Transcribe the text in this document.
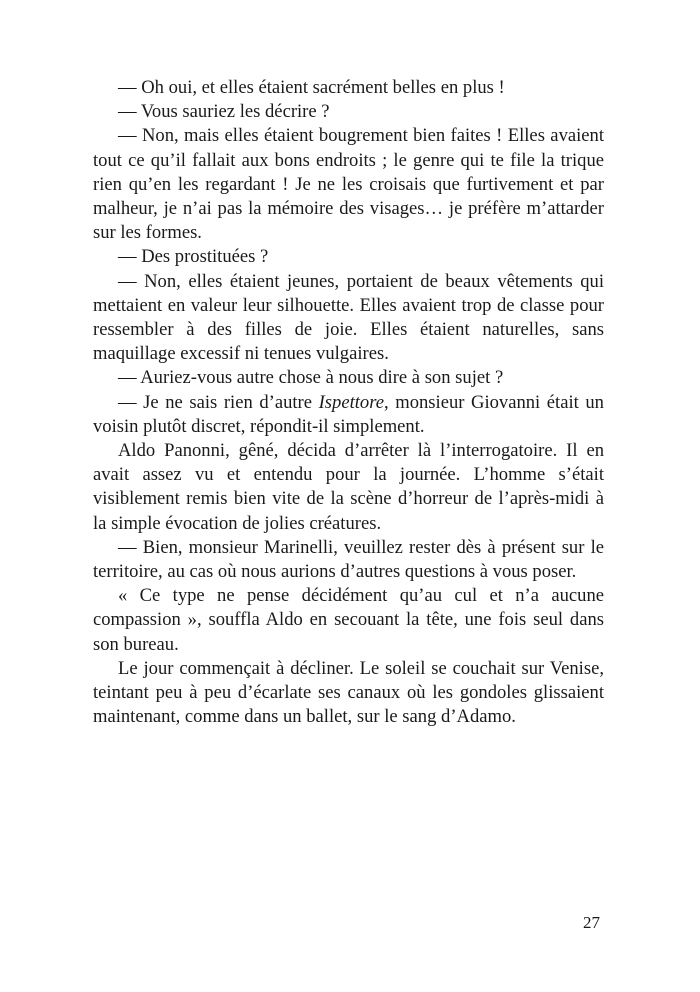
— Oh oui, et elles étaient sacrément belles en plus !

— Vous sauriez les décrire ?

— Non, mais elles étaient bougrement bien faites ! Elles avaient tout ce qu’il fallait aux bons endroits ; le genre qui te file la trique rien qu’en les regardant ! Je ne les croisais que furtivement et par malheur, je n’ai pas la mémoire des visages… je préfère m’attarder sur les formes.

— Des prostituées ?

— Non, elles étaient jeunes, portaient de beaux vêtements qui mettaient en valeur leur silhouette. Elles avaient trop de classe pour ressembler à des filles de joie. Elles étaient naturelles, sans maquillage excessif ni tenues vulgaires.

— Auriez-vous autre chose à nous dire à son sujet ?

— Je ne sais rien d’autre Ispettore, monsieur Giovanni était un voisin plutôt discret, répondit-il simplement.

Aldo Panonni, gêné, décida d’arrêter là l’interrogatoire. Il en avait assez vu et entendu pour la journée. L’homme s’était visiblement remis bien vite de la scène d’horreur de l’après-midi à la simple évocation de jolies créatures.

— Bien, monsieur Marinelli, veuillez rester dès à présent sur le territoire, au cas où nous aurions d’autres questions à vous poser.

« Ce type ne pense décidément qu’au cul et n’a aucune compassion », souffla Aldo en secouant la tête, une fois seul dans son bureau.

Le jour commençait à décliner. Le soleil se couchait sur Venise, teintant peu à peu d’écarlate ses canaux où les gondoles glissaient maintenant, comme dans un ballet, sur le sang d’Adamo.

27
